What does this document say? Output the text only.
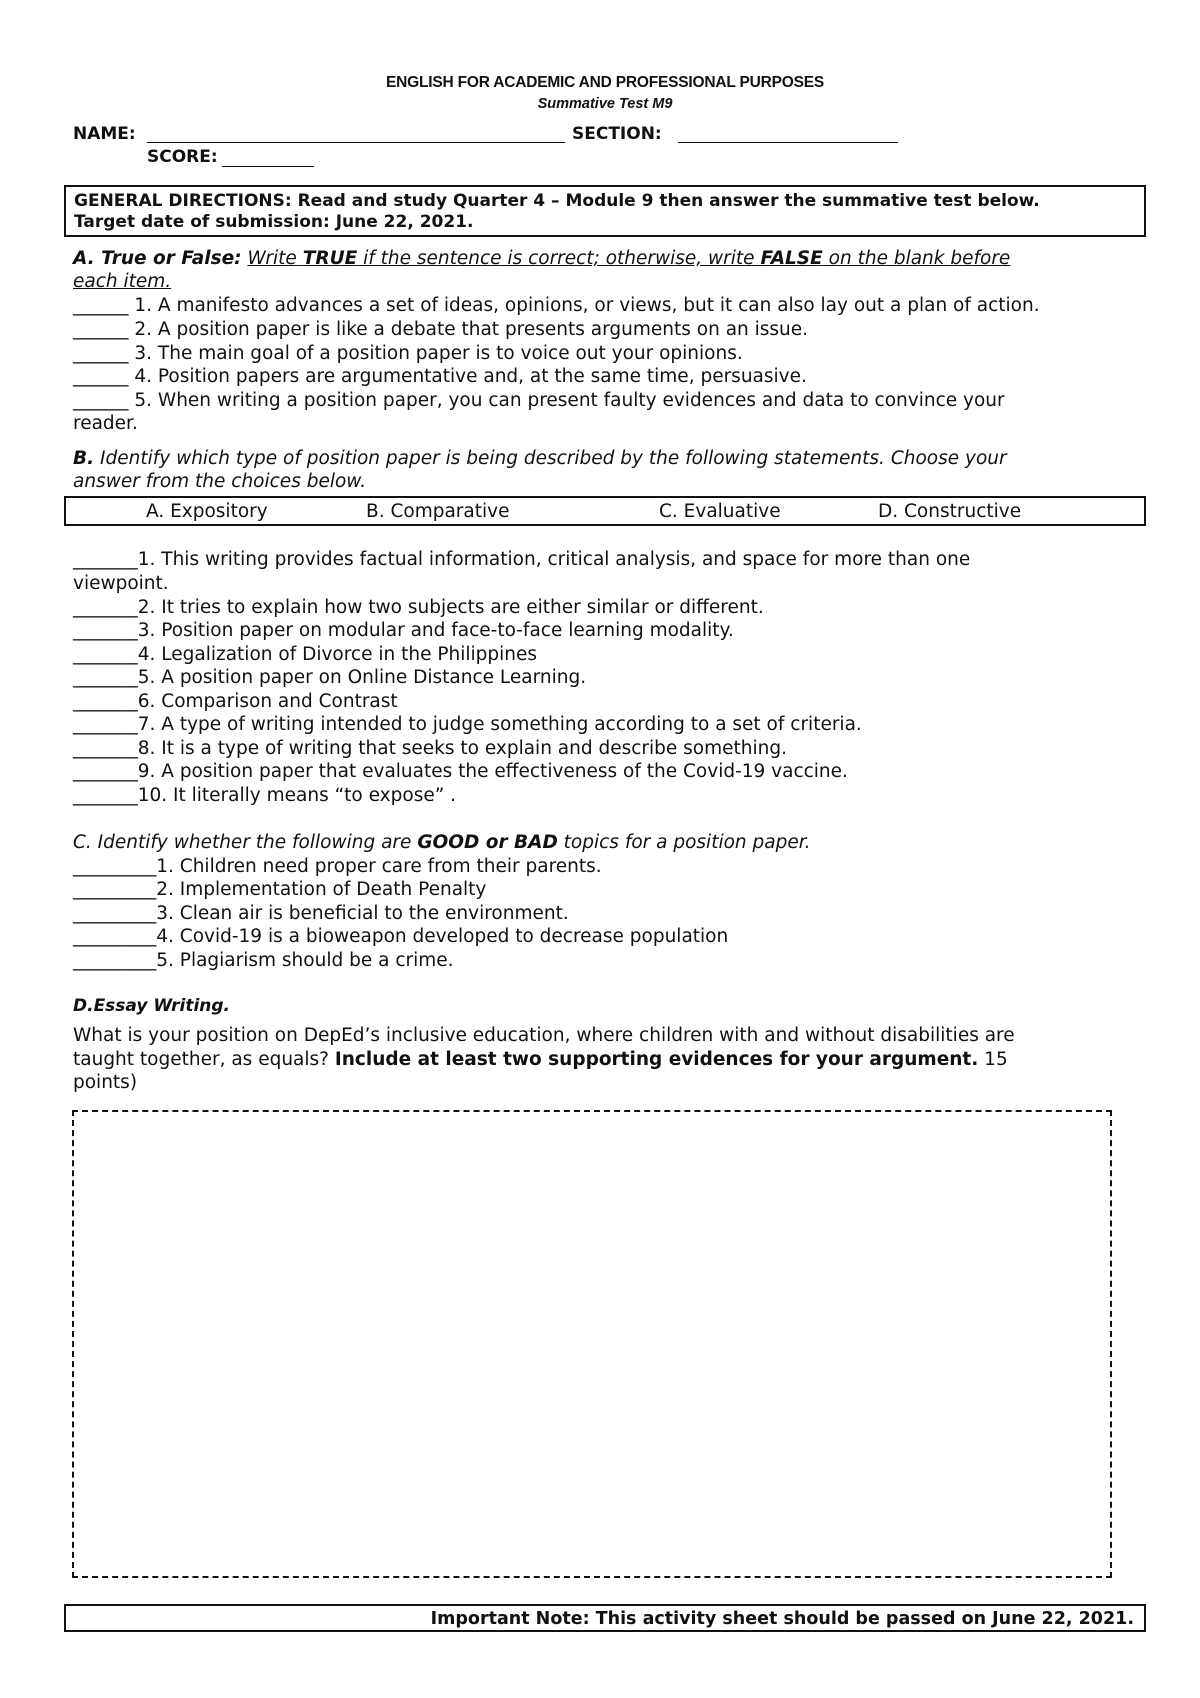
ENGLISH FOR ACADEMIC AND PROFESSIONAL PURPOSES
Summative Test M9
NAME:	SECTION:
SCORE:
GENERAL DIRECTIONS: Read and study Quarter 4 – Module 9 then answer the summative test below.
Target date of submission: June 22, 2021.
A. True or False: Write TRUE if the sentence is correct; otherwise, write FALSE on the blank before
each item.
______ 1. A manifesto advances a set of ideas, opinions, or views, but it can also lay out a plan of action.
______ 2. A position paper is like a debate that presents arguments on an issue.
______ 3. The main goal of a position paper is to voice out your opinions.
______ 4. Position papers are argumentative and, at the same time, persuasive.
______ 5. When writing a position paper, you can present faulty evidences and data to convince your
reader.
B. Identify which type of position paper is being described by the following statements. Choose your
answer from the choices below.
A. Expository	B. Comparative	C. Evaluative	D. Constructive
_______1. This writing provides factual information, critical analysis, and space for more than one
viewpoint.
_______2. It tries to explain how two subjects are either similar or different.
_______3. Position paper on modular and face-to-face learning modality.
_______4. Legalization of Divorce in the Philippines
_______5. A position paper on Online Distance Learning.
_______6. Comparison and Contrast
_______7. A type of writing intended to judge something according to a set of criteria.
_______8. It is a type of writing that seeks to explain and describe something.
_______9. A position paper that evaluates the effectiveness of the Covid-19 vaccine.
_______10. It literally means “to expose” .
C. Identify whether the following are GOOD or BAD topics for a position paper.
_________1. Children need proper care from their parents.
_________2. Implementation of Death Penalty
_________3. Clean air is beneficial to the environment.
_________4. Covid-19 is a bioweapon developed to decrease population
_________5. Plagiarism should be a crime.
D.Essay Writing.
What is your position on DepEd’s inclusive education, where children with and without disabilities are
taught together, as equals? Include at least two supporting evidences for your argument. 15
points)
Important Note: This activity sheet should be passed on June 22, 2021.
